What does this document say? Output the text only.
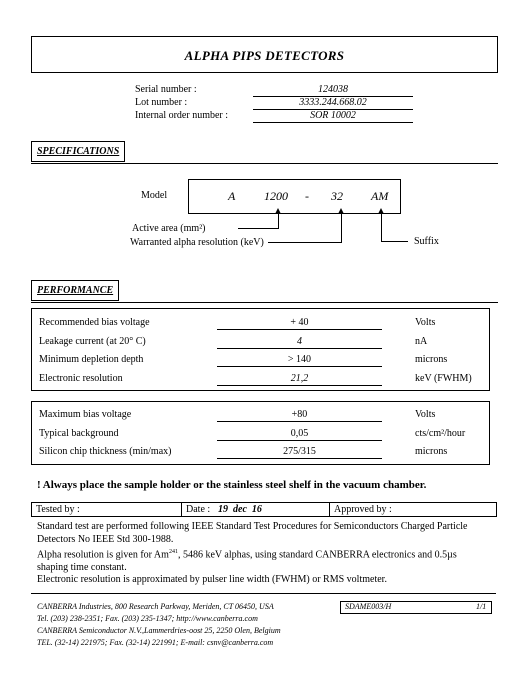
ALPHA PIPS DETECTORS
Serial number :	124038
Lot number :	3333.244.668.02
Internal order number :	SOR 10002
SPECIFICATIONS
Model	A 1200 - 32 AM
Active area (mm²)
Warranted alpha resolution (keV)	Suffix
PERFORMANCE
Recommended bias voltage	+ 40	Volts
Leakage current (at 20° C)	4	nA
Minimum depletion depth	> 140	microns
Electronic resolution	21,2	keV (FWHM)
Maximum bias voltage	+80	Volts
Typical background	0,05	cts/cm²/hour
Silicon chip thickness (min/max)	275/315	microns
! Always place the sample holder or the stainless steel shelf in the vacuum chamber.
Tested by :	Date : 19  dec  16	Approved by :
Standard test are performed following IEEE Standard Test Procedures for Semiconductors Charged Particle
Detectors No IEEE Std 300-1988.
Alpha resolution is given for Am$^{241}$, 5486 keV alphas, using standard CANBERRA electronics and 0.5µs
shaping time constant.
Electronic resolution is approximated by pulser line width (FWHM) or RMS voltmeter.
CANBERRA Industries, 800 Research Parkway, Meriden, CT 06450, USA
Tel. (203) 238-2351; Fax. (203) 235-1347; http://www.canberra.com
CANBERRA Semiconductor N.V.,Lammerdries-oost 25, 2250 Olen, Belgium
TEL. (32-14) 221975; Fax. (32-14) 221991; E-mail: csnv@canberra.com
SDAME003/H	1/1
